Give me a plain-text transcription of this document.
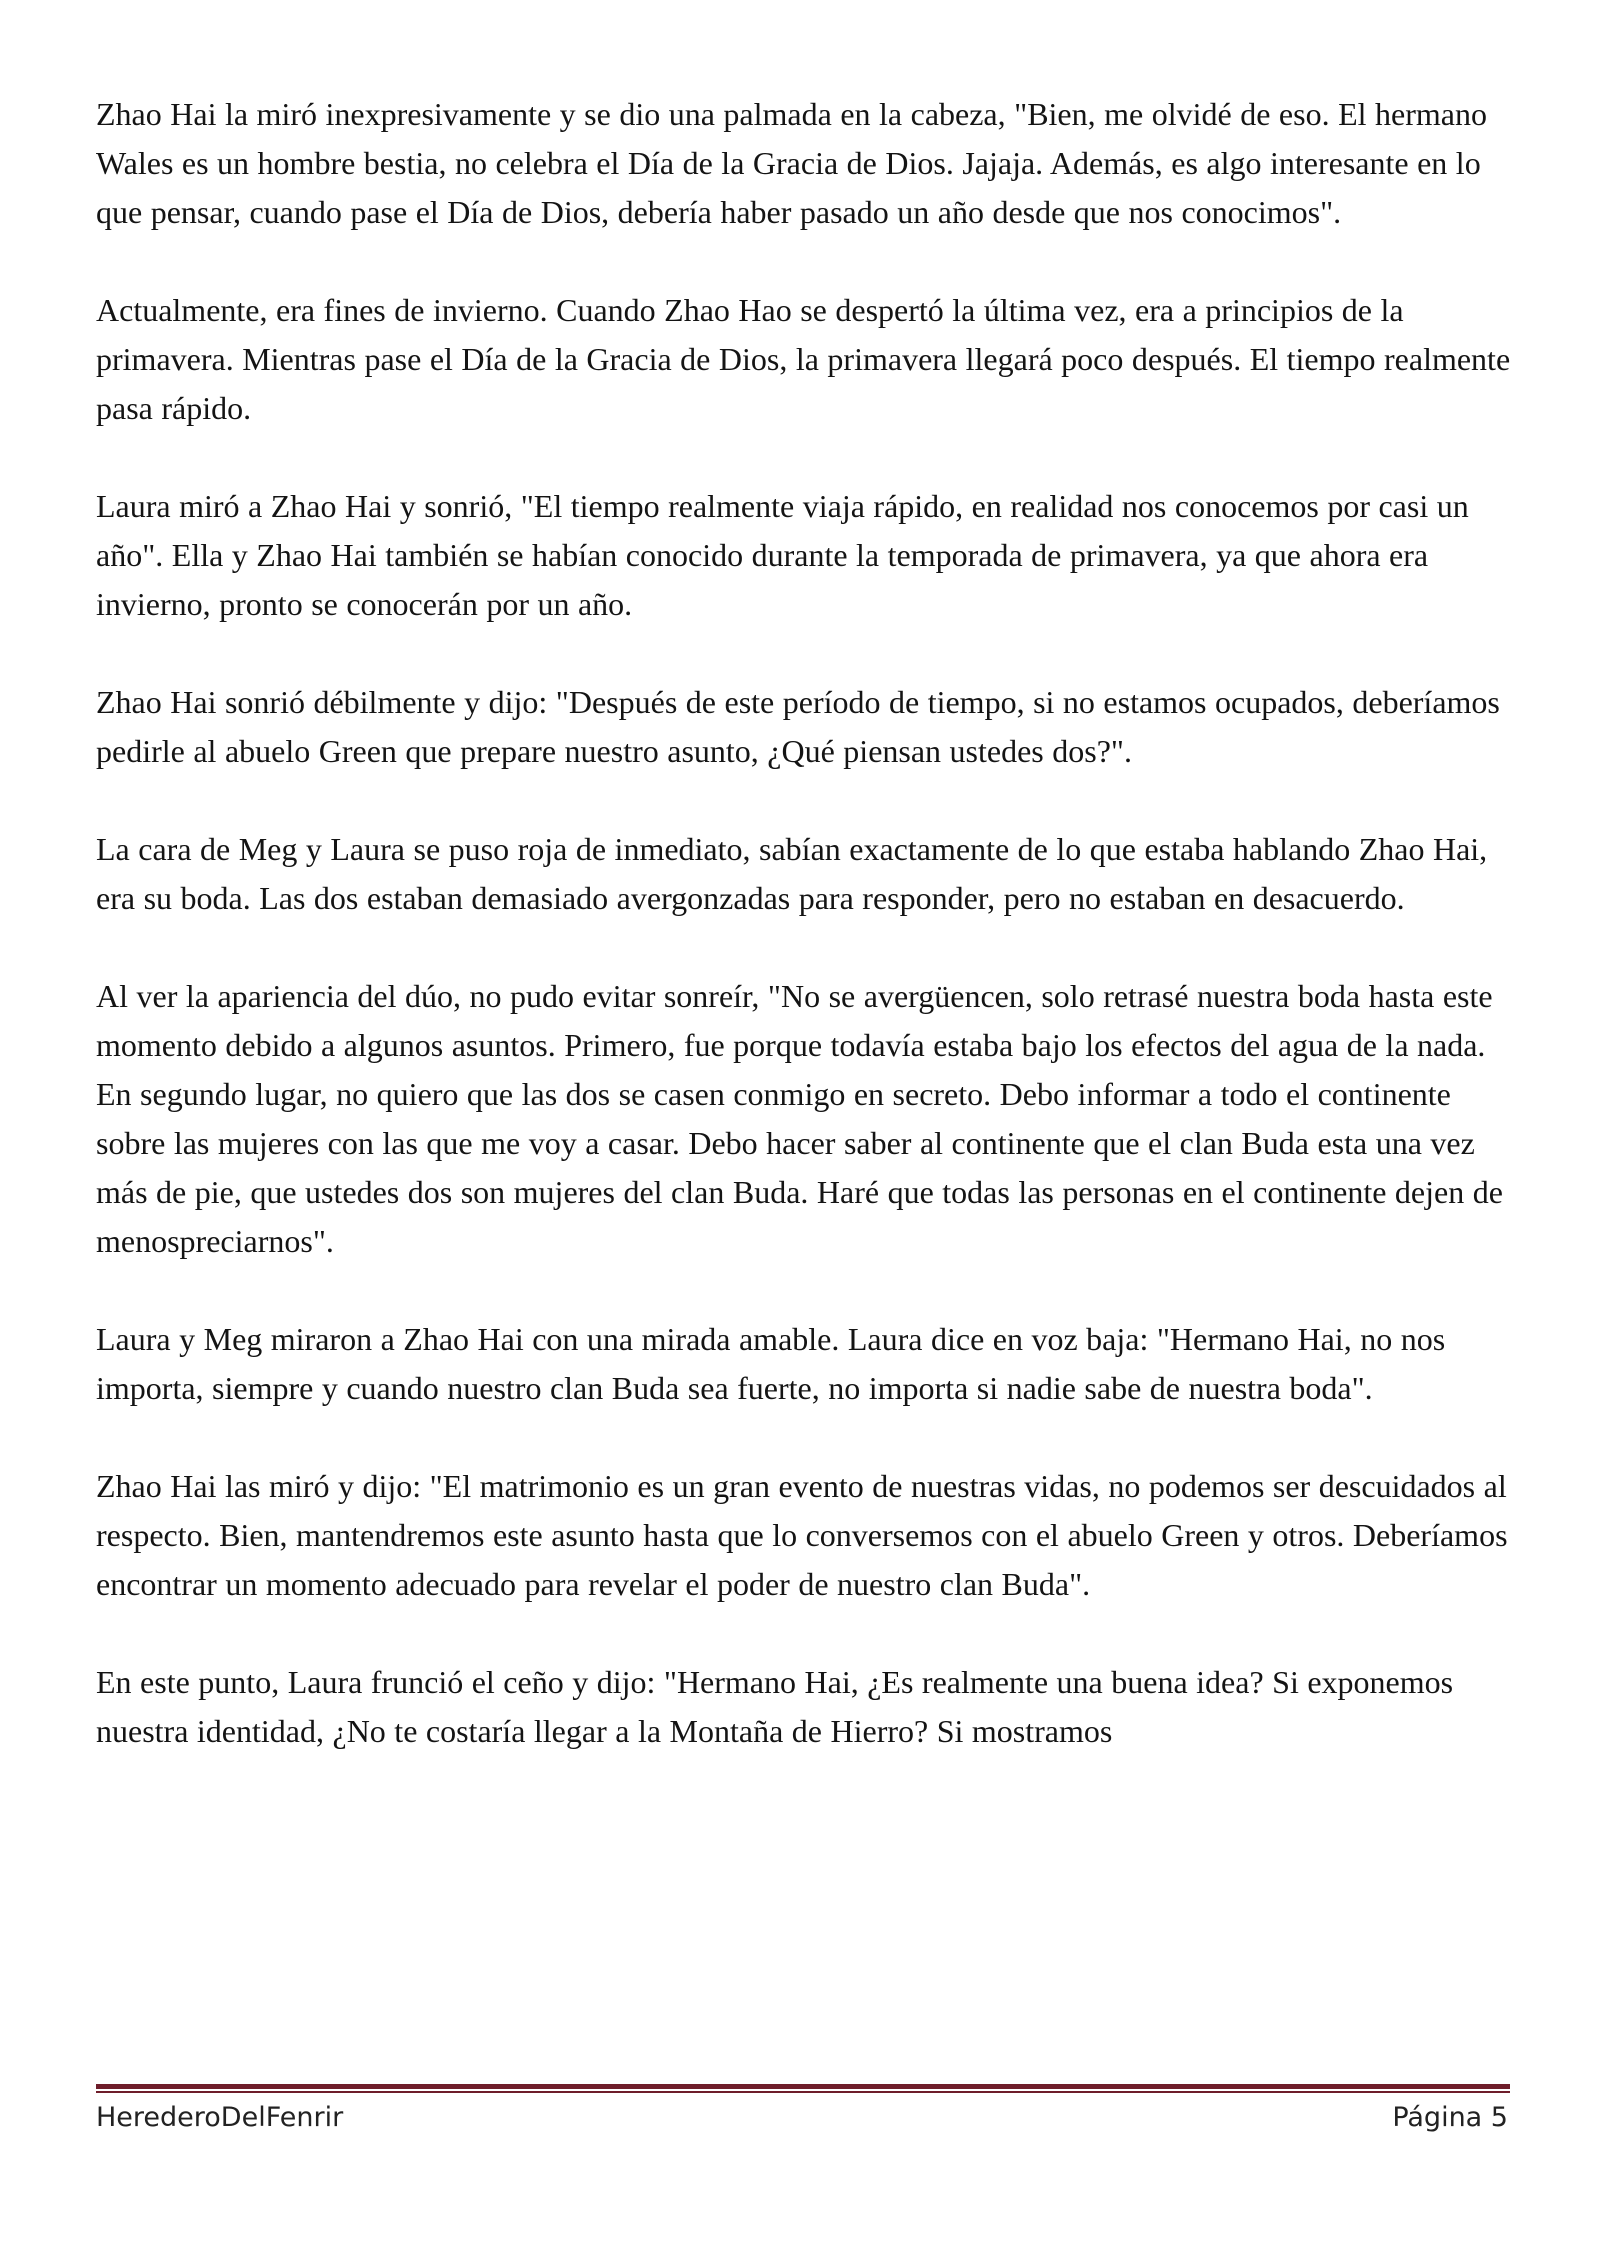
Zhao Hai la miró inexpresivamente y se dio una palmada en la cabeza, "Bien, me olvidé de eso. El hermano Wales es un hombre bestia, no celebra el Día de la Gracia de Dios. Jajaja. Además, es algo interesante en lo que pensar, cuando pase el Día de Dios, debería haber pasado un año desde que nos conocimos".

Actualmente, era fines de invierno. Cuando Zhao Hao se despertó la última vez, era a principios de la primavera. Mientras pase el Día de la Gracia de Dios, la primavera llegará poco después. El tiempo realmente pasa rápido.

Laura miró a Zhao Hai y sonrió, "El tiempo realmente viaja rápido, en realidad nos conocemos por casi un año". Ella y Zhao Hai también se habían conocido durante la temporada de primavera, ya que ahora era invierno, pronto se conocerán por un año.

Zhao Hai sonrió débilmente y dijo: "Después de este período de tiempo, si no estamos ocupados, deberíamos pedirle al abuelo Green que prepare nuestro asunto, ¿Qué piensan ustedes dos?".

La cara de Meg y Laura se puso roja de inmediato, sabían exactamente de lo que estaba hablando Zhao Hai, era su boda. Las dos estaban demasiado avergonzadas para responder, pero no estaban en desacuerdo.

Al ver la apariencia del dúo, no pudo evitar sonreír, "No se avergüencen, solo retrasé nuestra boda hasta este momento debido a algunos asuntos. Primero, fue porque todavía estaba bajo los efectos del agua de la nada. En segundo lugar, no quiero que las dos se casen conmigo en secreto. Debo informar a todo el continente sobre las mujeres con las que me voy a casar. Debo hacer saber al continente que el clan Buda esta una vez más de pie, que ustedes dos son mujeres del clan Buda. Haré que todas las personas en el continente dejen de menospreciarnos".

Laura y Meg miraron a Zhao Hai con una mirada amable. Laura dice en voz baja: "Hermano Hai, no nos importa, siempre y cuando nuestro clan Buda sea fuerte, no importa si nadie sabe de nuestra boda".

Zhao Hai las miró y dijo: "El matrimonio es un gran evento de nuestras vidas, no podemos ser descuidados al respecto. Bien, mantendremos este asunto hasta que lo conversemos con el abuelo Green y otros. Deberíamos encontrar un momento adecuado para revelar el poder de nuestro clan Buda".

En este punto, Laura frunció el ceño y dijo: "Hermano Hai, ¿Es realmente una buena idea? Si exponemos nuestra identidad, ¿No te costaría llegar a la Montaña de Hierro? Si mostramos

HerederoDelFenrir	Página 5
